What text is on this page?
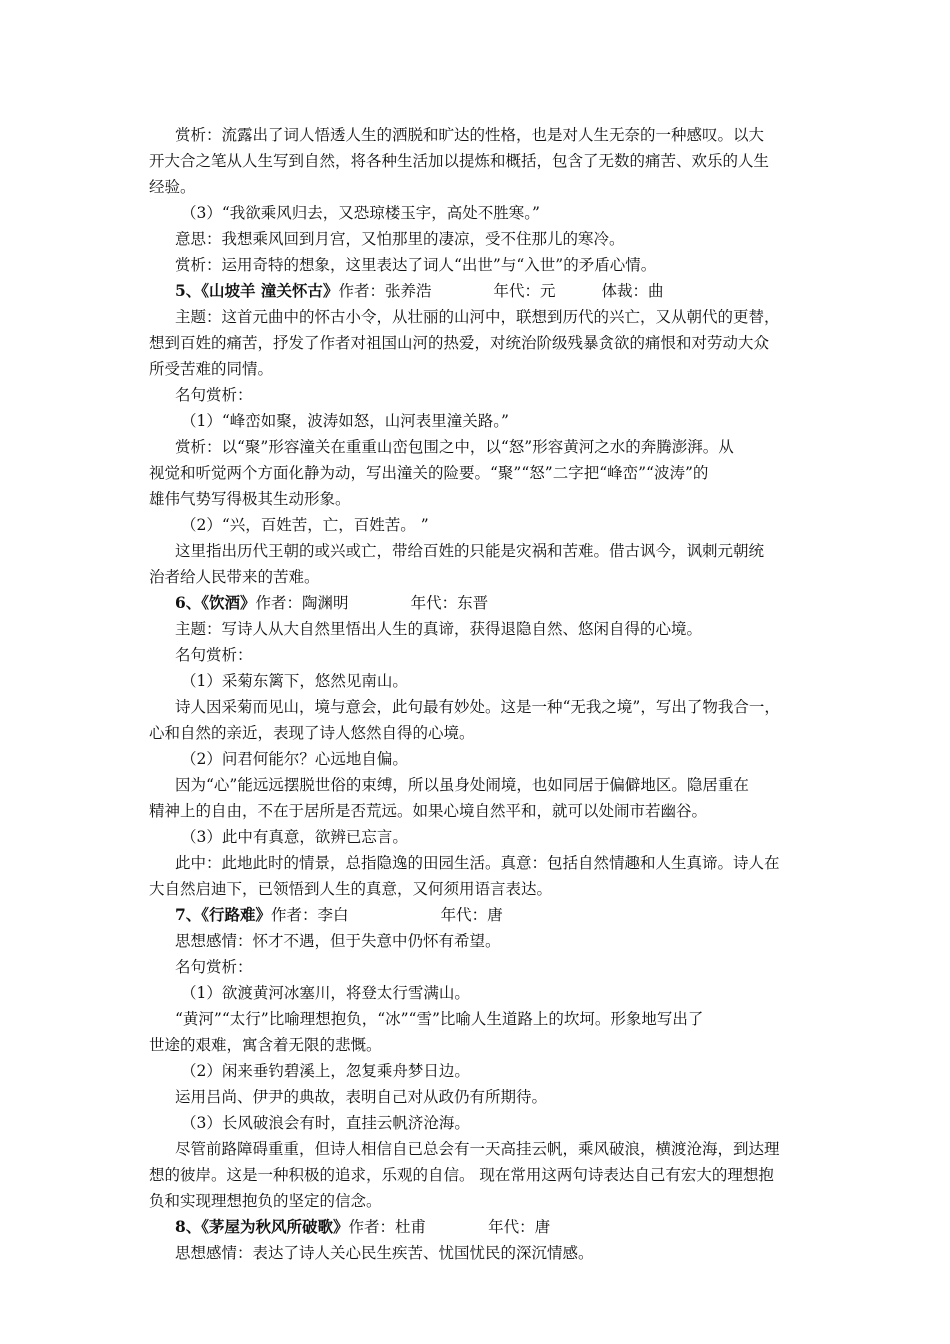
赏析：流露出了词人悟透人生的洒脱和旷达的性格，也是对人生无奈的一种感叹。以大

开大合之笔从人生写到自然，将各种生活加以提炼和概括，包含了无数的痛苦、欢乐的人生

经验。

（3）“我欲乘风归去，又恐琼楼玉宇，高处不胜寒。”

意思：我想乘风回到月宫，又怕那里的凄凉，受不住那儿的寒冷。

赏析：运用奇特的想象，这里表达了词人“出世”与“入世”的矛盾心情。

5、《山坡羊 潼关怀古》作者：张养浩	年代：元	体裁：曲

主题：这首元曲中的怀古小令，从壮丽的山河中，联想到历代的兴亡，又从朝代的更替，

想到百姓的痛苦，抒发了作者对祖国山河的热爱，对统治阶级残暴贪欲的痛恨和对劳动大众

所受苦难的同情。

名句赏析：

（1）“峰峦如聚，波涛如怒，山河表里潼关路。”

赏析：以“聚”形容潼关在重重山峦包围之中，以“怒”形容黄河之水的奔腾澎湃。从

视觉和听觉两个方面化静为动，写出潼关的险要。“聚”“怒”二字把“峰峦”“波涛”的

雄伟气势写得极其生动形象。

（2）“兴，百姓苦，亡，百姓苦。 ”

这里指出历代王朝的或兴或亡，带给百姓的只能是灾祸和苦难。借古讽今，讽刺元朝统

治者给人民带来的苦难。

6、《饮酒》作者：陶渊明	年代：东晋

主题：写诗人从大自然里悟出人生的真谛，获得退隐自然、悠闲自得的心境。

名句赏析：

（1）采菊东篱下，悠然见南山。

诗人因采菊而见山，境与意会，此句最有妙处。这是一种“无我之境”，写出了物我合一，

心和自然的亲近，表现了诗人悠然自得的心境。

（2）问君何能尔？心远地自偏。

因为“心”能远远摆脱世俗的束缚，所以虽身处闹境，也如同居于偏僻地区。隐居重在

精神上的自由，不在于居所是否荒远。如果心境自然平和，就可以处闹市若幽谷。

（3）此中有真意，欲辨已忘言。

此中：此地此时的情景，总指隐逸的田园生活。真意：包括自然情趣和人生真谛。诗人在

大自然启迪下，已领悟到人生的真意，又何须用语言表达。

7、《行路难》作者：李白	年代：唐

思想感情：怀才不遇，但于失意中仍怀有希望。

名句赏析：

（1）欲渡黄河冰塞川，将登太行雪满山。

“黄河”“太行”比喻理想抱负，“冰”“雪”比喻人生道路上的坎坷。形象地写出了

世途的艰难，寓含着无限的悲慨。

（2）闲来垂钓碧溪上，忽复乘舟梦日边。

运用吕尚、伊尹的典故，表明自己对从政仍有所期待。

（3）长风破浪会有时，直挂云帆济沧海。

尽管前路障碍重重，但诗人相信自已总会有一天高挂云帆，乘风破浪，横渡沧海，到达理

想的彼岸。这是一种积极的追求，乐观的自信。 现在常用这两句诗表达自己有宏大的理想抱

负和实现理想抱负的坚定的信念。

8、《茅屋为秋风所破歌》作者：杜甫	年代：唐

思想感情：表达了诗人关心民生疾苦、忧国忧民的深沉情感。
